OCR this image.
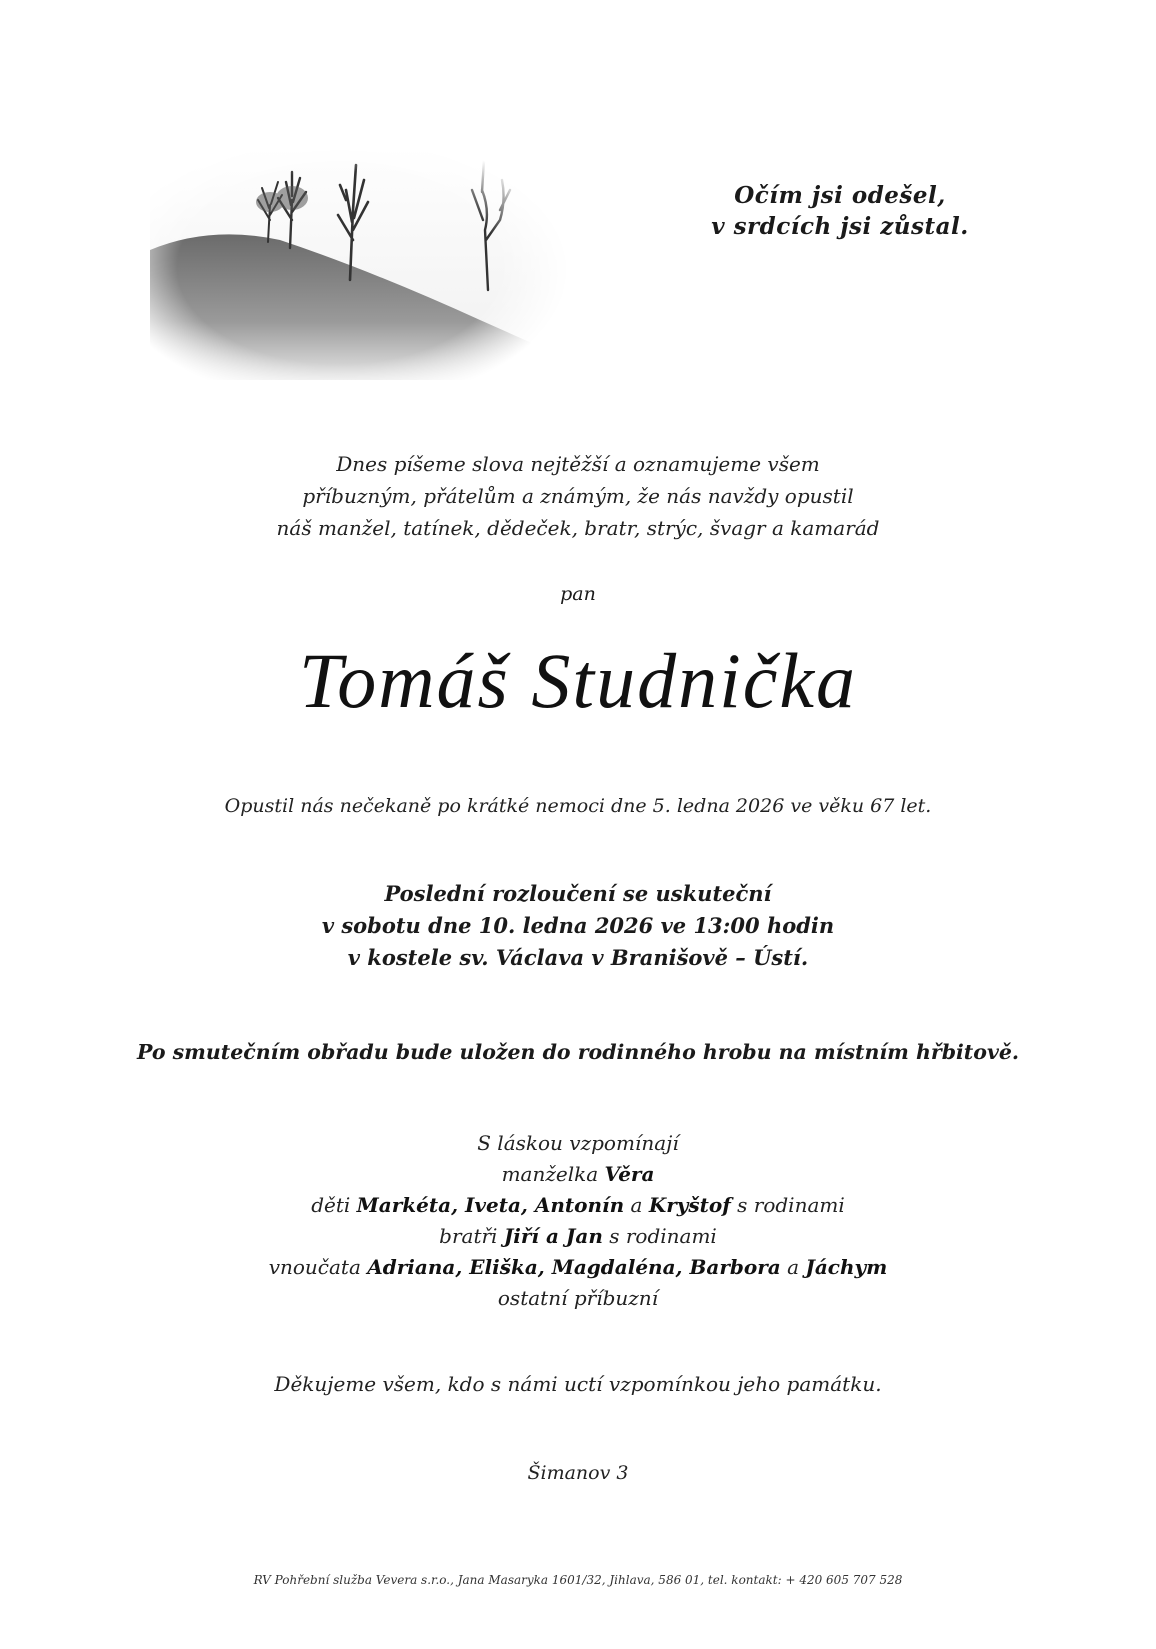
Očím jsi odešel,
v srdcích jsi zůstal.
Dnes píšeme slova nejtěžší a oznamujeme všem
příbuzným, přátelům a známým, že nás navždy opustil
náš manžel, tatínek, dědeček, bratr, strýc, švagr a kamarád
pan
Tomáš Studnička
Opustil nás nečekaně po krátké nemoci dne 5. ledna 2026 ve věku 67 let.
Poslední rozloučení se uskuteční
v sobotu dne 10. ledna 2026 ve 13:00 hodin
v kostele sv. Václava v Branišově – Ústí.
Po smutečním obřadu bude uložen do rodinného hrobu na místním hřbitově.
S láskou vzpomínají
manželka Věra
děti Markéta, Iveta, Antonín a Kryštof s rodinami
bratři Jiří a Jan s rodinami
vnoučata Adriana, Eliška, Magdaléna, Barbora a Jáchym
ostatní příbuzní
Děkujeme všem, kdo s námi uctí vzpomínkou jeho památku.
Šimanov 3
RV Pohřební služba Vevera s.r.o., Jana Masaryka 1601/32, Jihlava, 586 01, tel. kontakt: + 420 605 707 528
